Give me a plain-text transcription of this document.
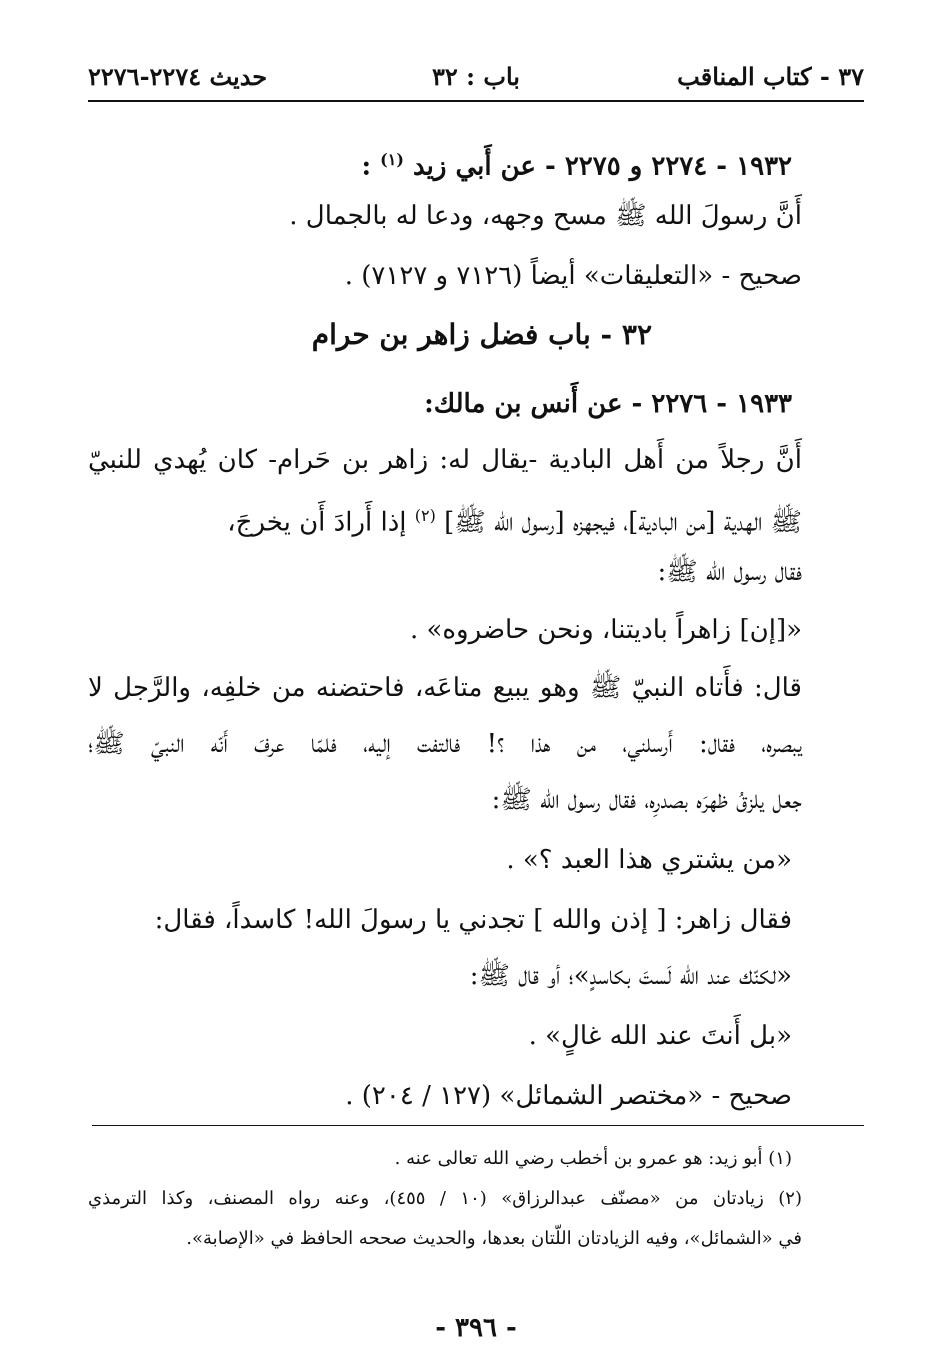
٣٧ - كتاب المناقب
باب : ٣٢
حديث ٢٢٧٤-٢٢٧٦
١٩٣٢ - ٢٢٧٤ و ٢٢٧٥ - عن أَبي زيد $^{(١)}$ :
أَنَّ رسولَ الله ﷺ مسح وجهه، ودعا له بالجمال .
صحيح - «التعليقات» أيضاً (٧١٢٦ و ٧١٢٧) .
٣٢ - باب فضل زاهر بن حرام
١٩٣٣ - ٢٢٧٦ - عن أَنس بن مالك:
أَنَّ رجلاً من أَهل البادية -يقال له: زاهر بن حَرام- كان يُهدي للنبيّ
ﷺ الهدية [من البادية]، فيجهزه [رسول الله ﷺ] $^{(٢)}$ إذا أَرادَ أَن يخرجَ،
فقال رسول الله ﷺ:
«[إن] زاهراً باديتنا، ونحن حاضروه» .
قال: فأَتاه النبيّ ﷺ وهو يبيع متاعَه، فاحتضنه من خلفِه، والرَّجل لا
يبصره، فقال: أَرسلني، من هذا ؟! فالتفت إليه، فلمّا عرفَ أَنّه النبيّ ﷺ؛
جعل يلزقُ ظهرَه بصدرِه، فقال رسول الله ﷺ:
«من يشتري هذا العبد ؟» .
فقال زاهر: [ إذن والله ] تجدني يا رسولَ الله! كاسداً، فقال:
«لكنّك عند الله لَستَ بكاسدٍ»؛ أو قال ﷺ:
«بل أَنتَ عند الله غالٍ» .
صحيح - «مختصر الشمائل» (١٢٧ / ٢٠٤) .
(١) أبو زيد: هو عمرو بن أخطب رضي الله تعالى عنه .
(٢) زيادتان من «مصنّف عبدالرزاق» (١٠ / ٤٥٥)، وعنه رواه المصنف، وكذا الترمذي
في «الشمائل»، وفيه الزيادتان اللّتان بعدها، والحديث صححه الحافظ في «الإصابة».
- ٣٩٦ -
